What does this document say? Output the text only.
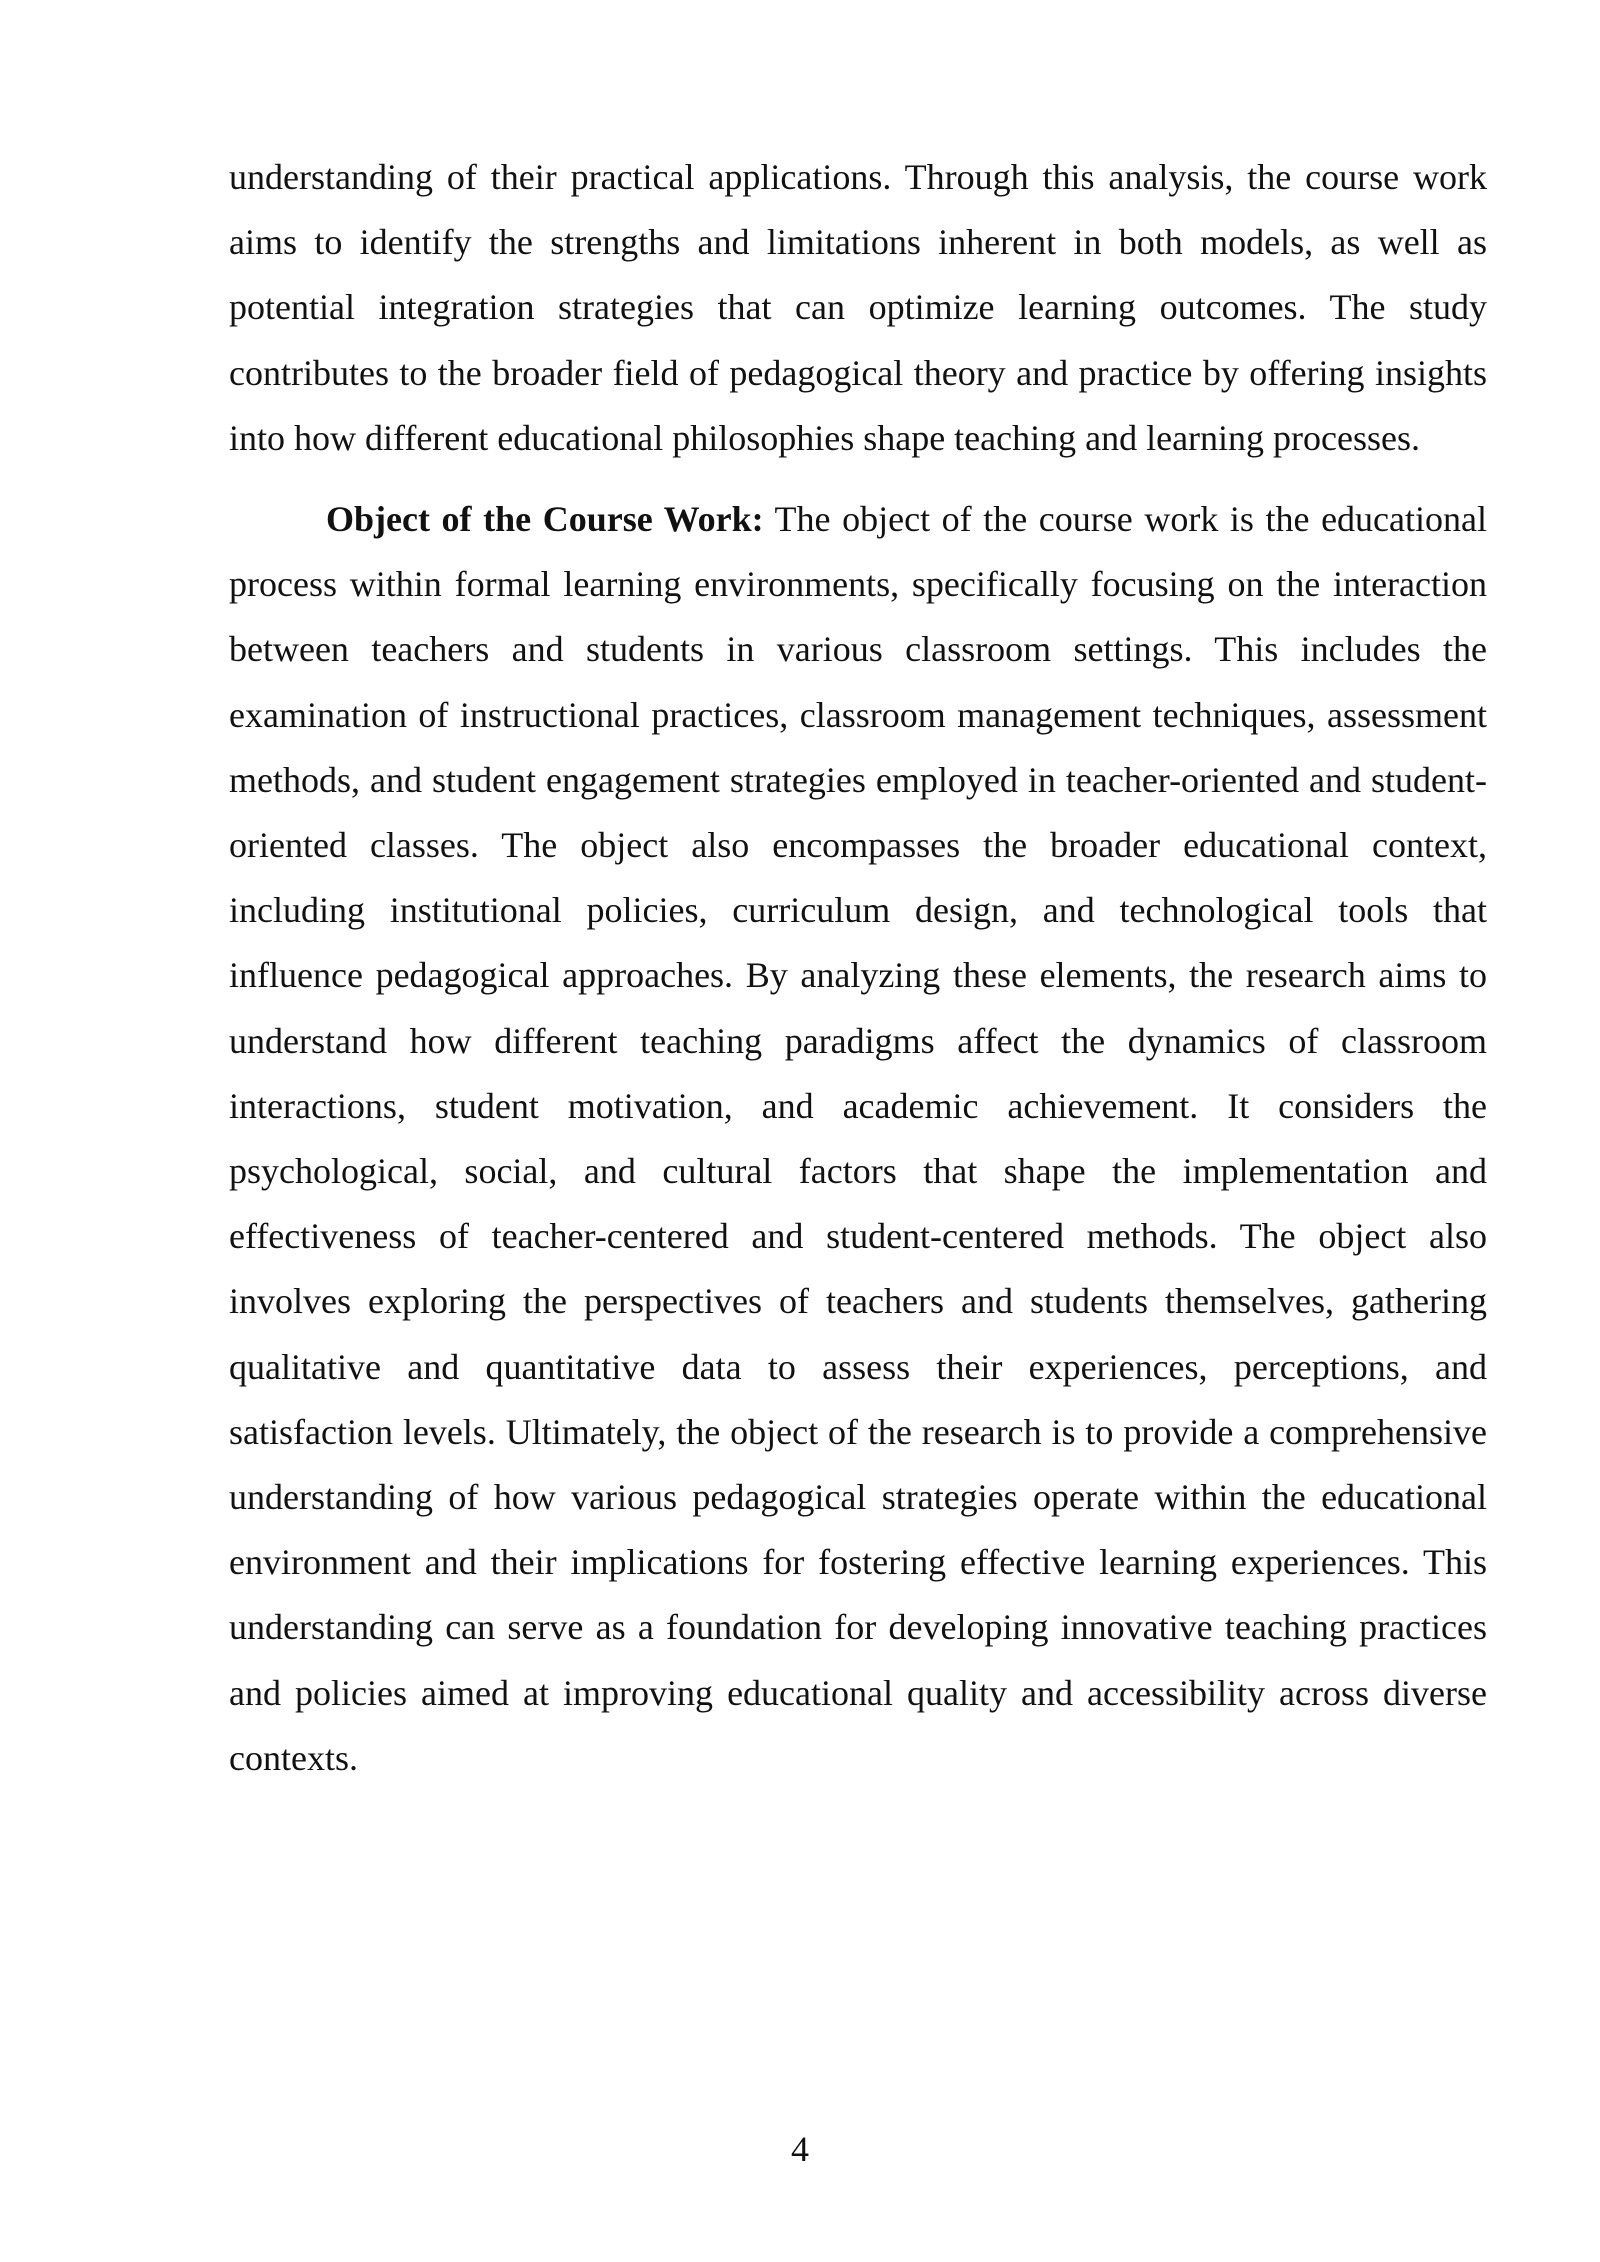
understanding of their practical applications. Through this analysis, the course work aims to identify the strengths and limitations inherent in both models, as well as potential integration strategies that can optimize learning outcomes. The study contributes to the broader field of pedagogical theory and practice by offering insights into how different educational philosophies shape teaching and learning processes.

Object of the Course Work: The object of the course work is the educational process within formal learning environments, specifically focusing on the interaction between teachers and students in various classroom settings. This includes the examination of instructional practices, classroom management techniques, assessment methods, and student engagement strategies employed in teacher-oriented and student-oriented classes. The object also encompasses the broader educational context, including institutional policies, curriculum design, and technological tools that influence pedagogical approaches. By analyzing these elements, the research aims to understand how different teaching paradigms affect the dynamics of classroom interactions, student motivation, and academic achievement. It considers the psychological, social, and cultural factors that shape the implementation and effectiveness of teacher-centered and student-centered methods. The object also involves exploring the perspectives of teachers and students themselves, gathering qualitative and quantitative data to assess their experiences, perceptions, and satisfaction levels. Ultimately, the object of the research is to provide a comprehensive understanding of how various pedagogical strategies operate within the educational environment and their implications for fostering effective learning experiences. This understanding can serve as a foundation for developing innovative teaching practices and policies aimed at improving educational quality and accessibility across diverse contexts.

4
